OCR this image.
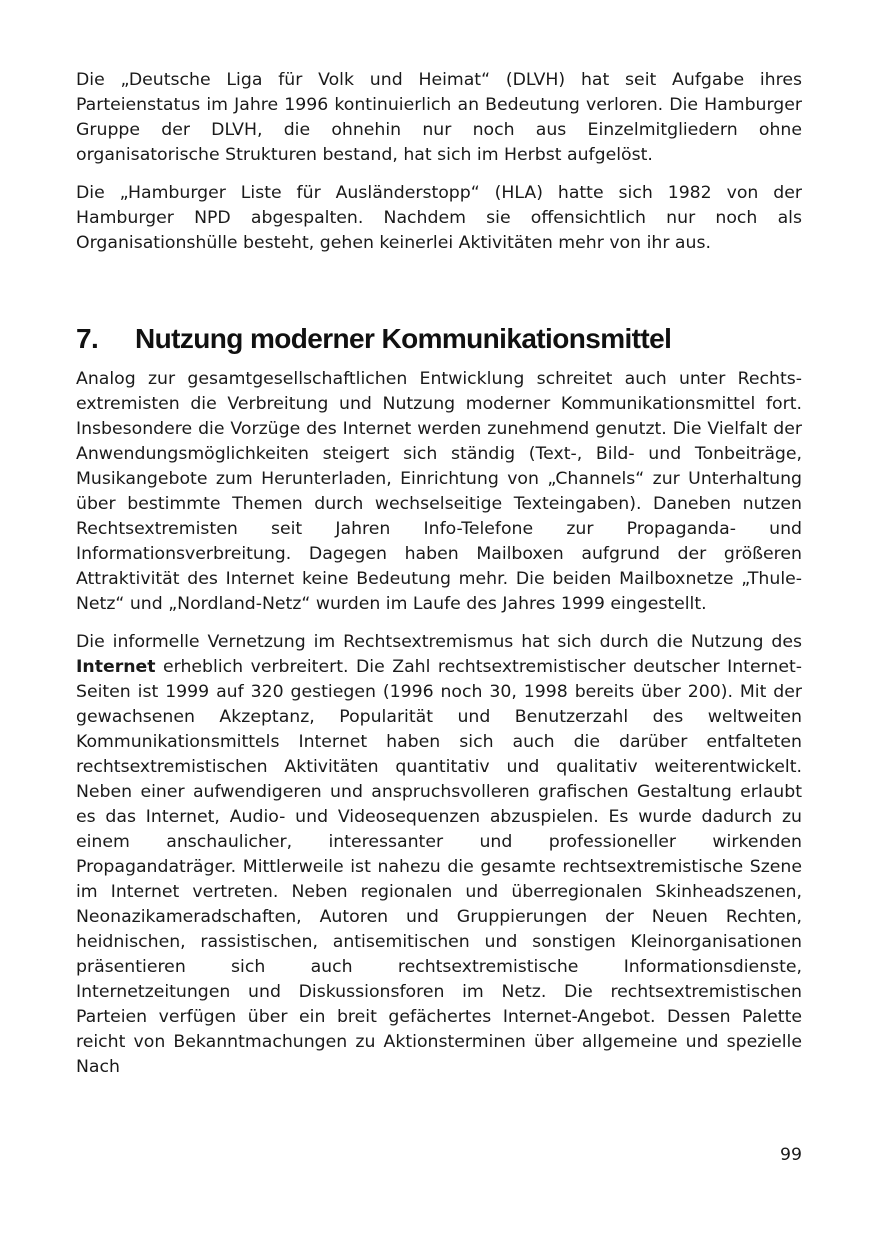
Die „Deutsche Liga für Volk und Heimat“ (DLVH) hat seit Aufgabe ihres Parteienstatus im Jahre 1996 kontinuierlich an Bedeutung verloren. Die Hamburger Gruppe der DLVH, die ohnehin nur noch aus Einzelmitgliedern ohne organisatorische Strukturen bestand, hat sich im Herbst aufgelöst.

Die „Hamburger Liste für Ausländerstopp“ (HLA) hatte sich 1982 von der Hamburger NPD abgespalten. Nachdem sie offensichtlich nur noch als Organisationshülle besteht, gehen keinerlei Aktivitäten mehr von ihr aus.

7.	Nutzung moderner Kommunikationsmittel

Analog zur gesamtgesellschaftlichen Entwicklung schreitet auch unter Rechtsextremisten die Verbreitung und Nutzung moderner Kommunikationsmittel fort. Insbesondere die Vorzüge des Internet werden zunehmend genutzt. Die Vielfalt der Anwendungsmöglichkeiten steigert sich ständig (Text-, Bild- und Tonbeiträge, Musikangebote zum Herunterladen, Einrichtung von „Channels“ zur Unterhaltung über bestimmte Themen durch wechselseitige Texteingaben). Daneben nutzen Rechtsextremisten seit Jahren Info-Telefone zur Propaganda- und Informationsverbreitung. Dagegen haben Mailboxen aufgrund der größeren Attraktivität des Internet keine Bedeutung mehr. Die beiden Mailboxnetze „Thule-Netz“ und „Nordland-Netz“ wurden im Laufe des Jahres 1999 eingestellt.

Die informelle Vernetzung im Rechtsextremismus hat sich durch die Nutzung des Internet erheblich verbreitert. Die Zahl rechtsextremistischer deutscher Internet-Seiten ist 1999 auf 320 gestiegen (1996 noch 30, 1998 bereits über 200). Mit der gewachsenen Akzeptanz, Popularität und Benutzerzahl des weltweiten Kommunikationsmittels Internet haben sich auch die darüber entfalteten rechtsextremistischen Aktivitäten quantitativ und qualitativ weiterentwickelt. Neben einer aufwendigeren und anspruchsvolleren grafischen Gestaltung erlaubt es das Internet, Audio- und Videosequenzen abzuspielen. Es wurde dadurch zu einem anschaulicher, interessanter und professioneller wirkenden Propagandaträger. Mittlerweile ist nahezu die gesamte rechtsextremistische Szene im Internet vertreten. Neben regionalen und überregionalen Skinheadszenen, Neonazikameradschaften, Autoren und Gruppierungen der Neuen Rechten, heidnischen, rassistischen, antisemitischen und sonstigen Kleinorganisationen präsentieren sich auch rechtsextremistische Informationsdienste, Internetzeitungen und Diskussionsforen im Netz. Die rechtsextremistischen Parteien verfügen über ein breit gefächertes Internet-Angebot. Dessen Palette reicht von Bekanntmachungen zu Aktionsterminen über allgemeine und spezielle Nach

99
